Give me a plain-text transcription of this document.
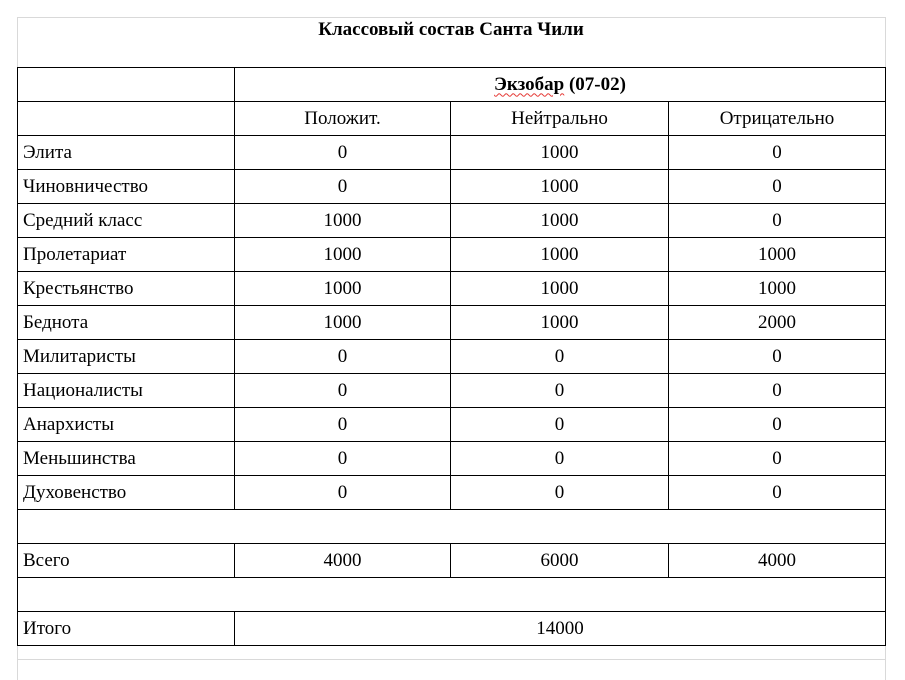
Классовый состав Санта Чили
	Экзобар (07-02)		
	Положит.	Нейтрально	Отрицательно
Элита	0	1000	0
Чиновничество	0	1000	0
Средний класс	1000	1000	0
Пролетариат	1000	1000	1000
Крестьянство	1000	1000	1000
Беднота	1000	1000	2000
Милитаристы	0	0	0
Националисты	0	0	0
Анархисты	0	0	0
Меньшинства	0	0	0
Духовенство	0	0	0

Всего	4000	6000	4000

Итого	14000		
